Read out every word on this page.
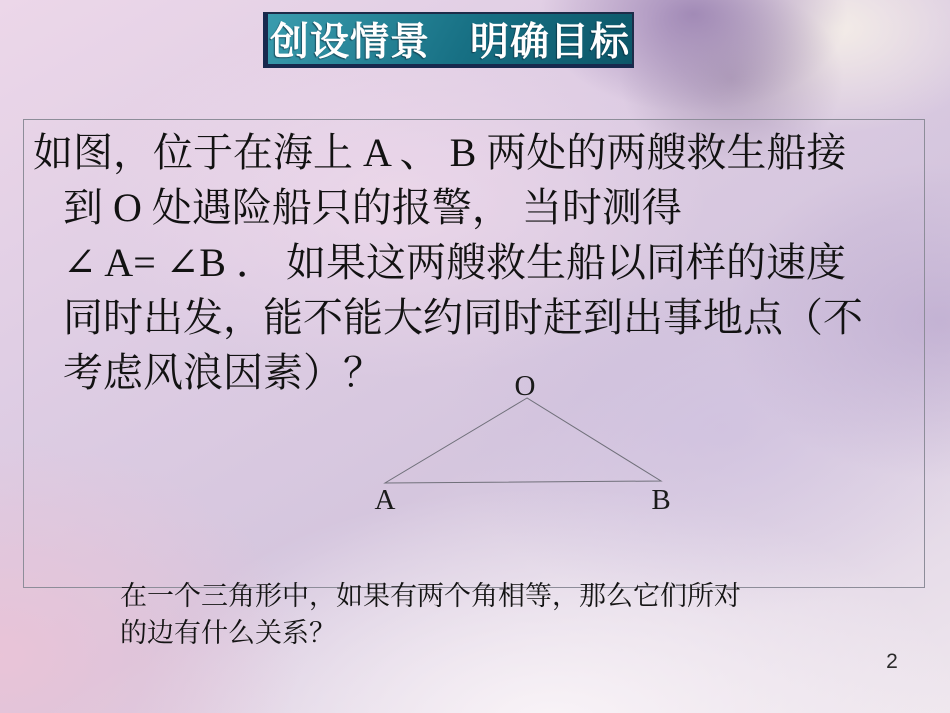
创设情景　明确目标
如图，位于在海上 A 、 B 两处的两艘救生船接
到 O 处遇险船只的报警， 当时测得
∠ A= ∠B ． 如果这两艘救生船以同样的速度
同时出发，能不能大约同时赶到出事地点（不
考虑风浪因素）？	O
A	B
在一个三角形中，如果有两个角相等，那么它们所对
的边有什么关系？
2
